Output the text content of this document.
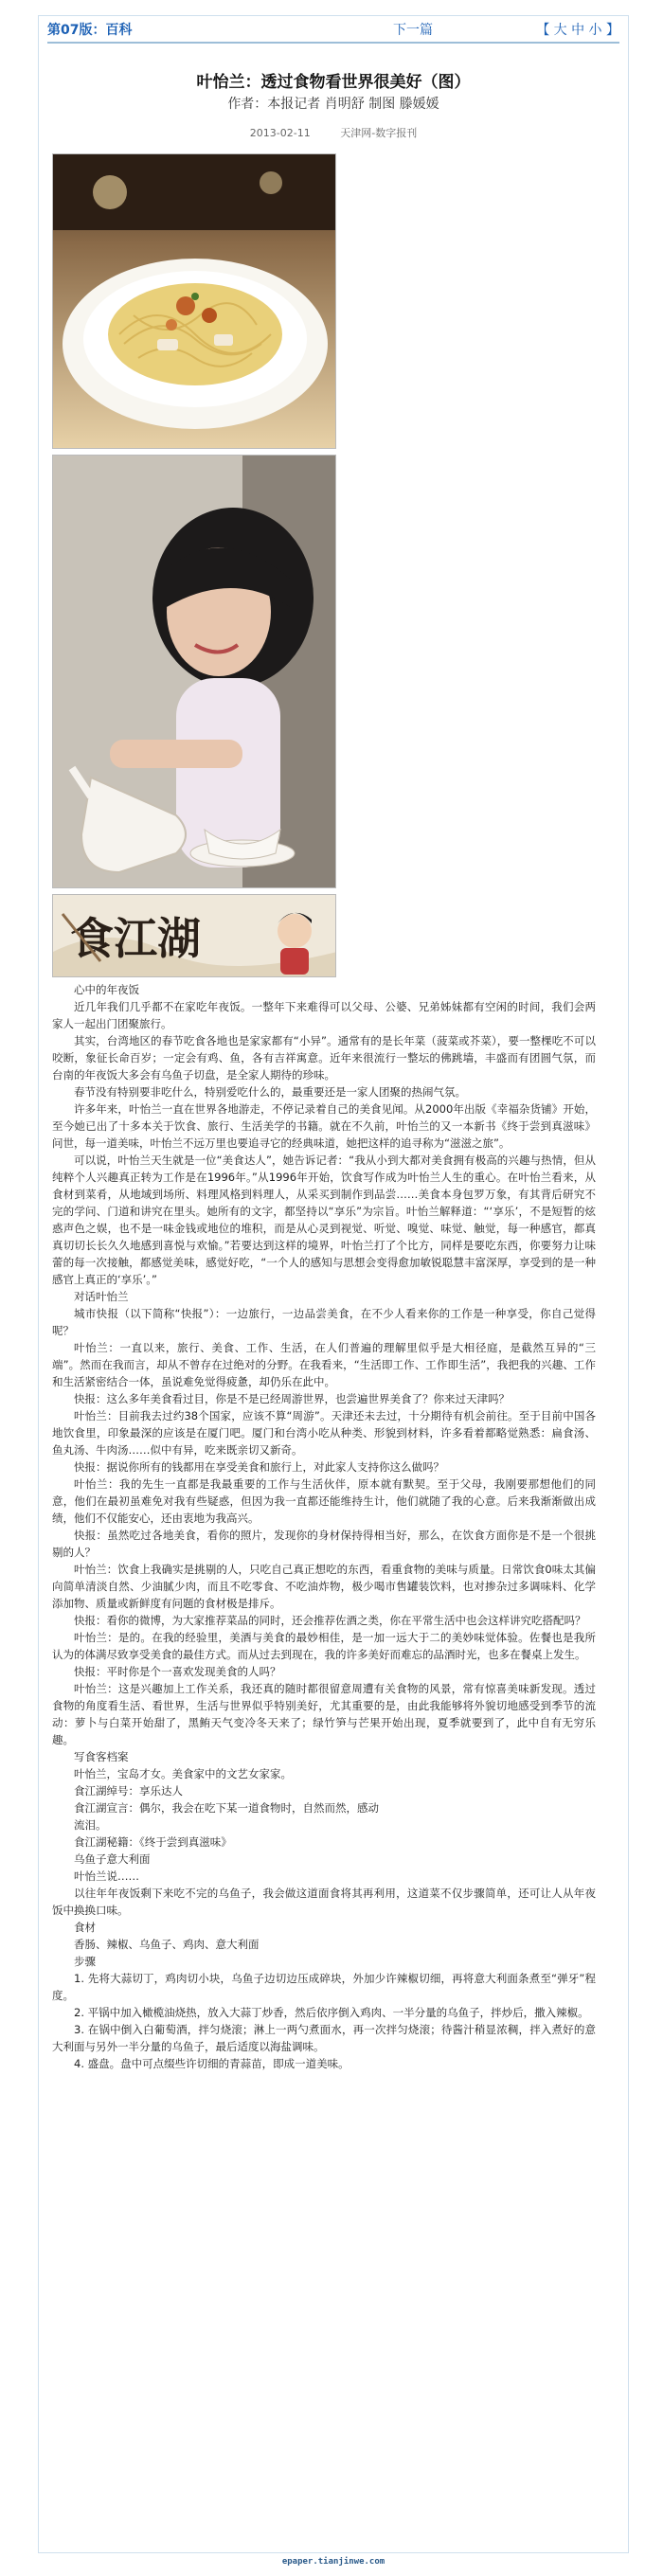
第07版：百科	下一篇	【 大 中 小 】
叶怡兰：透过食物看世界很美好（图）
作者：本报记者 肖明舒 制图 滕媛媛
2013-02-11	天津网-数字报刊
食江湖

心中的年夜饭

近几年我们几乎都不在家吃年夜饭。一整年下来难得可以父母、公婆、兄弟姊妹都有空闲的时间，我们会两家人一起出门团聚旅行。

其实，台湾地区的春节吃食各地也是家家都有“小异”。通常有的是长年菜（菠菜或芥菜），要一整棵吃不可以咬断，象征长命百岁；一定会有鸡、鱼，各有吉祥寓意。近年来很流行一整坛的佛跳墙，丰盛而有团圆气氛，而台南的年夜饭大多会有乌鱼子切盘，是全家人期待的珍味。

春节没有特别要非吃什么，特别爱吃什么的，最重要还是一家人团聚的热闹气氛。

许多年来，叶怡兰一直在世界各地游走，不停记录着自己的美食见闻。从2000年出版《幸福杂货铺》开始，至今她已出了十多本关于饮食、旅行、生活美学的书籍。就在不久前，叶怡兰的又一本新书《终于尝到真滋味》问世，每一道美味，叶怡兰不远万里也要追寻它的经典味道，她把这样的追寻称为“滋滋之旅”。

可以说，叶怡兰天生就是一位“美食达人”，她告诉记者：“我从小到大都对美食拥有极高的兴趣与热情，但从纯粹个人兴趣真正转为工作是在1996年。”从1996年开始，饮食写作成为叶怡兰人生的重心。在叶怡兰看来，从食材到菜肴，从地域到场所、料理风格到料理人，从采买到制作到品尝……美食本身包罗万象，有其背后研究不完的学问、门道和讲究在里头。她所有的文字，都坚持以“享乐”为宗旨。叶怡兰解释道：“‘享乐’，不是短暂的炫惑声色之娱，也不是一味金钱或地位的堆积，而是从心灵到视觉、听觉、嗅觉、味觉、触觉，每一种感官，都真真切切长长久久地感到喜悦与欢愉。”若要达到这样的境界，叶怡兰打了个比方，同样是要吃东西，你要努力让味蕾的每一次接触，都感觉美味，感觉好吃，“一个人的感知与思想会变得愈加敏锐聪慧丰富深厚，享受到的是一种感官上真正的‘享乐’。”

对话叶怡兰

城市快报（以下简称“快报”）：一边旅行，一边品尝美食，在不少人看来你的工作是一种享受，你自己觉得呢？

叶怡兰：一直以来，旅行、美食、工作、生活，在人们普遍的理解里似乎是大相径庭，是截然互异的“三端”。然而在我而言，却从不曾存在过绝对的分野。在我看来，“生活即工作、工作即生活”，我把我的兴趣、工作和生活紧密结合一体，虽说难免觉得疲惫，却仍乐在此中。

快报：这么多年美食看过目，你是不是已经周游世界，也尝遍世界美食了？你来过天津吗？

叶怡兰：目前我去过约38个国家，应该不算“周游”。天津还未去过，十分期待有机会前往。至于目前中国各地饮食里，印象最深的应该是在厦门吧。厦门和台湾小吃从种类、形貌到材料，许多看着都略觉熟悉：扁食汤、鱼丸汤、牛肉汤……似中有异，吃来既亲切又新奇。

快报：据说你所有的钱都用在享受美食和旅行上，对此家人支持你这么做吗？

叶怡兰：我的先生一直都是我最重要的工作与生活伙伴，原本就有默契。至于父母，我刚要那想他们的同意，他们在最初虽难免对我有些疑惑，但因为我一直都还能维持生计，他们就随了我的心意。后来我渐渐做出成绩，他们不仅能安心，还由衷地为我高兴。

快报：虽然吃过各地美食，看你的照片，发现你的身材保持得相当好，那么，在饮食方面你是不是一个很挑剔的人？

叶怡兰：饮食上我确实是挑剔的人，只吃自己真正想吃的东西，看重食物的美味与质量。日常饮食0味太其偏向简单清淡自然、少油腻少肉，而且不吃零食、不吃油炸物，极少喝市售罐装饮料，也对掺杂过多调味料、化学添加物、质量或新鲜度有问题的食材极是排斥。

快报：看你的微博，为大家推荐菜品的同时，还会推荐佐酒之类，你在平常生活中也会这样讲究吃搭配吗？

叶怡兰：是的。在我的经验里，美酒与美食的最妙相佳，是一加一远大于二的美妙味觉体验。佐餐也是我所认为的体满尽致享受美食的最佳方式。而从过去到现在，我的许多美好而难忘的品酒时光，也多在餐桌上发生。

快报：平时你是个一喜欢发现美食的人吗？

叶怡兰：这是兴趣加上工作关系，我还真的随时都很留意周遭有关食物的风景，常有惊喜美味新发现。透过食物的角度看生活、看世界，生活与世界似乎特别美好，尤其重要的是，由此我能够将外貌切地感受到季节的流动：萝卜与白菜开始甜了，黑鲔天气变冷冬天来了；绿竹笋与芒果开始出现，夏季就要到了，此中自有无穷乐趣。

写食客档案

叶怡兰，宝岛才女。美食家中的文艺女家家。

食江湖绰号：享乐达人

食江湖宣言：偶尔，我会在吃下某一道食物时，自然而然，感动

流泪。

食江湖秘籍：《终于尝到真滋味》

乌鱼子意大利面

叶怡兰说……

以往年年夜饭剩下来吃不完的乌鱼子，我会做这道面食将其再利用，这道菜不仅步骤简单，还可让人从年夜饭中换换口味。

食材

香肠、辣椒、乌鱼子、鸡肉、意大利面

步骤

1. 先将大蒜切丁，鸡肉切小块，乌鱼子边切边压成碎块，外加少许辣椒切细，再将意大利面条煮至“弹牙”程度。

2. 平锅中加入橄榄油烧热，放入大蒜丁炒香，然后依序倒入鸡肉、一半分量的乌鱼子，拌炒后，撒入辣椒。

3. 在锅中倒入白葡萄酒，拌匀烧滚；淋上一两勺煮面水，再一次拌匀烧滚；待酱汁稍显浓稠，拌入煮好的意大利面与另外一半分量的乌鱼子，最后适度以海盐调味。

4. 盛盘。盘中可点缀些许切细的青蒜苗，即成一道美味。

epaper.tianjinwe.com
